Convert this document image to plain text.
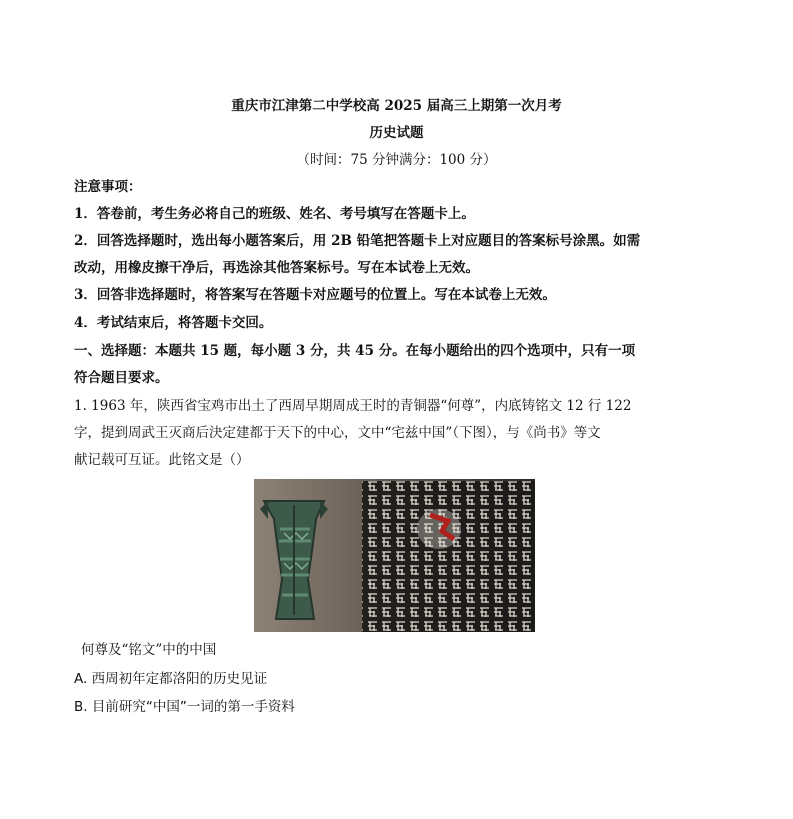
重庆市江津第二中学校高 2025 届高三上期第一次月考
历史试题
（时间：75 分钟满分：100 分）
注意事项：
1．答卷前，考生务必将自己的班级、姓名、考号填写在答题卡上。
2．回答选择题时，选出每小题答案后，用 2B 铅笔把答题卡上对应题目的答案标号涂黑。如需
改动，用橡皮擦干净后，再选涂其他答案标号。写在本试卷上无效。
3．回答非选择题时，将答案写在答题卡对应题号的位置上。写在本试卷上无效。
4．考试结束后，将答题卡交回。
一、选择题：本题共 15 题，每小题 3 分，共 45 分。在每小题给出的四个选项中，只有一项
符合题目要求。
1. 1963 年，陕西省宝鸡市出土了西周早期周成王时的青铜器“何尊”，内底铸铭文 12 行 122
字，提到周武王灭商后決定建都于天下的中心，文中“宅兹中国”（下图），与《尚书》等文
献记载可互证。此铭文是（）
何尊及“铭文”中的中国
A. 西周初年定都洛阳的历史见证
B. 目前研究“中国”一词的第一手资料
